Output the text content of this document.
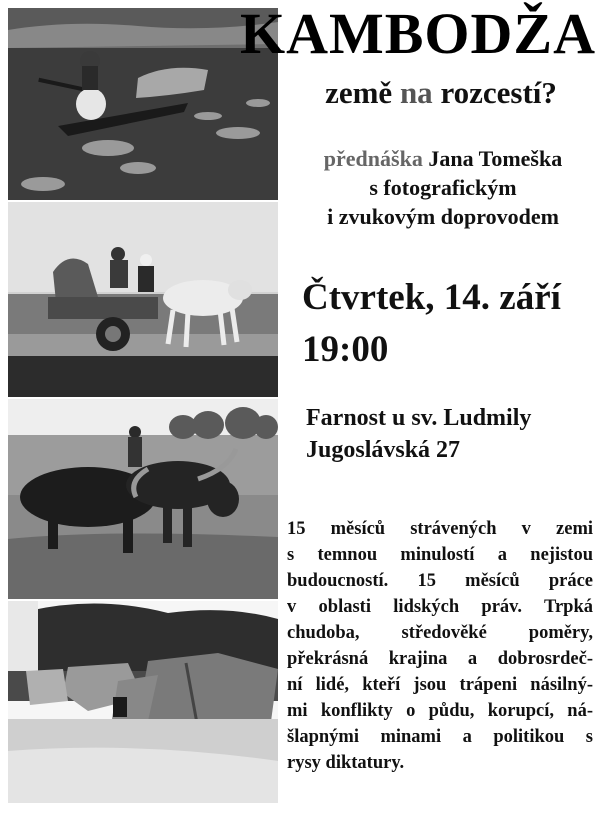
KAMBODŽA
země na rozcestí?
přednáška Jana Tomeška
s fotografickým
i zvukovým doprovodem
Čtvrtek, 14. září
19:00
Farnost u sv. Ludmily
Jugoslávská 27

15 měsíců strávených v zemi
s temnou minulostí a nejistou
budoucností. 15 měsíců práce
v oblasti lidských práv. Trpká
chudoba, středověké poměry,
překrásná krajina a dobrosrdeč-
ní lidé, kteří jsou trápeni násilný-
mi konflikty o půdu, korupcí, ná-
šlapnými minami a politikou s
rysy diktatury.
